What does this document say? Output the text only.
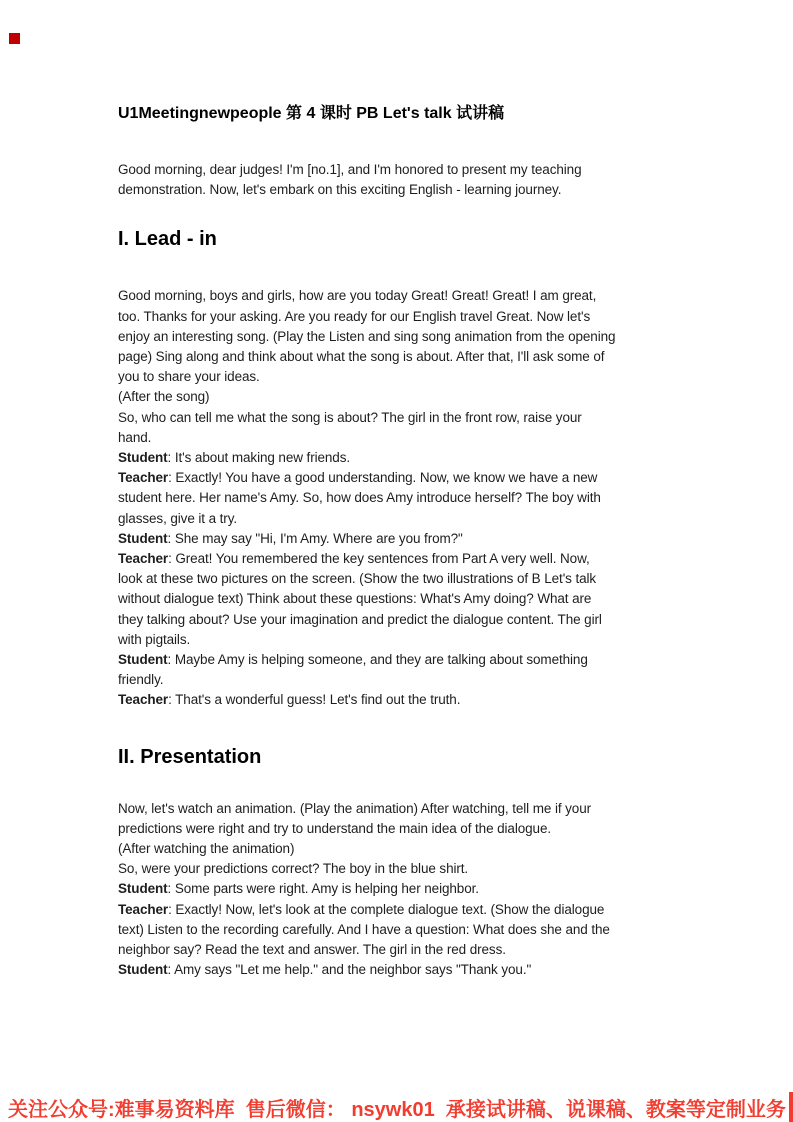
U1Meetingnewpeople 第 4 课时 PB Let's talk 试讲稿
Good morning, dear judges! I'm [no.1], and I'm honored to present my teaching
demonstration. Now, let's embark on this exciting English - learning journey.
I. Lead - in
Good morning, boys and girls, how are you today Great! Great! Great! I am great,
too. Thanks for your asking. Are you ready for our English travel Great. Now let's
enjoy an interesting song. (Play the Listen and sing song animation from the opening
page) Sing along and think about what the song is about. After that, I'll ask some of
you to share your ideas.
(After the song)
So, who can tell me what the song is about? The girl in the front row, raise your
hand.
Student: It's about making new friends.
Teacher: Exactly! You have a good understanding. Now, we know we have a new
student here. Her name's Amy. So, how does Amy introduce herself? The boy with
glasses, give it a try.
Student: She may say "Hi, I'm Amy. Where are you from?"
Teacher: Great! You remembered the key sentences from Part A very well. Now,
look at these two pictures on the screen. (Show the two illustrations of B Let's talk
without dialogue text) Think about these questions: What's Amy doing? What are
they talking about? Use your imagination and predict the dialogue content. The girl
with pigtails.
Student: Maybe Amy is helping someone, and they are talking about something
friendly.
Teacher: That's a wonderful guess! Let's find out the truth.
II. Presentation
Now, let's watch an animation. (Play the animation) After watching, tell me if your
predictions were right and try to understand the main idea of the dialogue.
(After watching the animation)
So, were your predictions correct? The boy in the blue shirt.
Student: Some parts were right. Amy is helping her neighbor.
Teacher: Exactly! Now, let's look at the complete dialogue text. (Show the dialogue
text) Listen to the recording carefully. And I have a question: What does she and the
neighbor say? Read the text and answer. The girl in the red dress.
Student: Amy says "Let me help." and the neighbor says "Thank you."
关注公众号:难事易资料库  售后微信： nsywk01  承接试讲稿、说课稿、教案等定制业务
